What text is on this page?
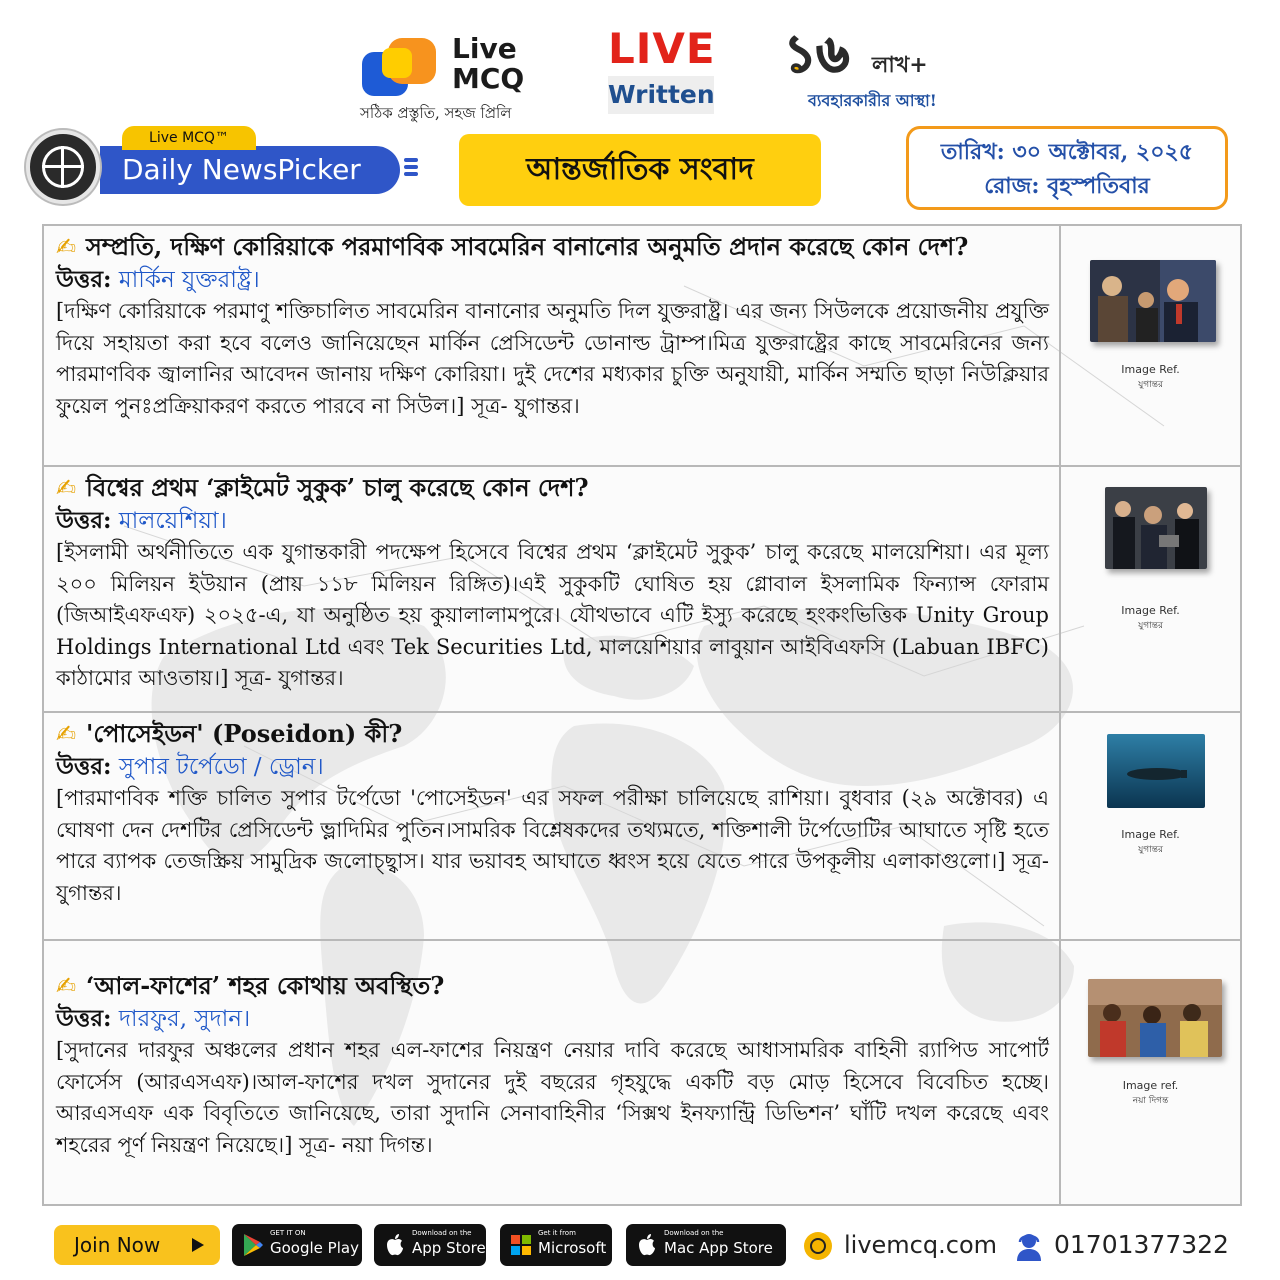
Live
MCQ
সঠিক প্রস্তুতি, সহজ প্রিলি
LIVE
Written
১৬ লাখ+
ব্যবহারকারীর আস্থা!
Daily NewsPicker
Live MCQ™
আন্তর্জাতিক সংবাদ	তারিখ: ৩০ অক্টোবর, ২০২৫
রোজ: বৃহস্পতিবার
✍ সম্প্রতি, দক্ষিণ কোরিয়াকে পরমাণবিক সাবমেরিন বানানোর অনুমতি প্রদান করেছে কোন দেশ?
উত্তর: মার্কিন যুক্তরাষ্ট্র।
[দক্ষিণ কোরিয়াকে পরমাণু শক্তিচালিত সাবমেরিন বানানোর অনুমতি দিল যুক্তরাষ্ট্র। এর জন্য সিউলকে প্রয়োজনীয় প্রযুক্তি দিয়ে সহায়তা করা হবে বলেও জানিয়েছেন মার্কিন প্রেসিডেন্ট ডোনাল্ড ট্রাম্প।মিত্র যুক্তরাষ্ট্রের কাছে সাবমেরিনের জন্য পারমাণবিক জ্বালানির আবেদন জানায় দক্ষিণ কোরিয়া। দুই দেশের মধ্যকার চুক্তি অনুযায়ী, মার্কিন সম্মতি ছাড়া নিউক্লিয়ার ফুয়েল পুনঃপ্রক্রিয়াকরণ করতে পারবে না সিউল।] সূত্র- যুগান্তর।
Image Ref.
যুগান্তর
✍ বিশ্বের প্রথম ‘ক্লাইমেট সুকুক’ চালু করেছে কোন দেশ?
উত্তর: মালয়েশিয়া।
[ইসলামী অর্থনীতিতে এক যুগান্তকারী পদক্ষেপ হিসেবে বিশ্বের প্রথম ‘ক্লাইমেট সুকুক’ চালু করেছে মালয়েশিয়া। এর মূল্য ২০০ মিলিয়ন ইউয়ান (প্রায় ১১৮ মিলিয়ন রিঙ্গিত)।এই সুকুকটি ঘোষিত হয় গ্লোবাল ইসলামিক ফিন্যান্স ফোরাম (জিআইএফএফ) ২০২৫-এ, যা অনুষ্ঠিত হয় কুয়ালালামপুরে। যৌথভাবে এটি ইস্যু করেছে হংকংভিত্তিক Unity Group Holdings International Ltd এবং Tek Securities Ltd, মালয়েশিয়ার লাবুয়ান আইবিএফসি (Labuan IBFC) কাঠামোর আওতায়।] সূত্র- যুগান্তর।
Image Ref.
যুগান্তর
✍ 'পোসেইডন' (Poseidon) কী?
উত্তর: সুপার টর্পেডো / ড্রোন।
[পারমাণবিক শক্তি চালিত সুপার টর্পেডো 'পোসেইডন' এর সফল পরীক্ষা চালিয়েছে রাশিয়া। বুধবার (২৯ অক্টোবর) এ ঘোষণা দেন দেশটির প্রেসিডেন্ট ভ্লাদিমির পুতিন।সামরিক বিশ্লেষকদের তথ্যমতে, শক্তিশালী টর্পেডোটির আঘাতে সৃষ্টি হতে পারে ব্যাপক তেজস্ক্রিয় সামুদ্রিক জলোচ্ছ্বাস। যার ভয়াবহ আঘাতে ধ্বংস হয়ে যেতে পারে উপকূলীয় এলাকাগুলো।] সূত্র- যুগান্তর।
Image Ref.
যুগান্তর
✍ ‘আল-ফাশের’ শহর কোথায় অবস্থিত?
উত্তর: দারফুর, সুদান।
[সুদানের দারফুর অঞ্চলের প্রধান শহর এল-ফাশের নিয়ন্ত্রণ নেয়ার দাবি করেছে আধাসামরিক বাহিনী র‍্যাপিড সাপোর্ট ফোর্সেস (আরএসএফ)।আল-ফাশের দখল সুদানের দুই বছরের গৃহযুদ্ধে একটি বড় মোড় হিসেবে বিবেচিত হচ্ছে। আরএসএফ এক বিবৃতিতে জানিয়েছে, তারা সুদানি সেনাবাহিনীর ‘সিক্সথ ইনফ্যান্ট্রি ডিভিশন’ ঘাঁটি দখল করেছে এবং শহরের পূর্ণ নিয়ন্ত্রণ নিয়েছে।] সূত্র- নয়া দিগন্ত।
Image ref.
নয়া দিগন্ত
Join Now	GET IT ON
Google Play
Download on the
App Store
Get it from
Microsoft
Download on the
Mac App Store	livemcq.com 01701377322
